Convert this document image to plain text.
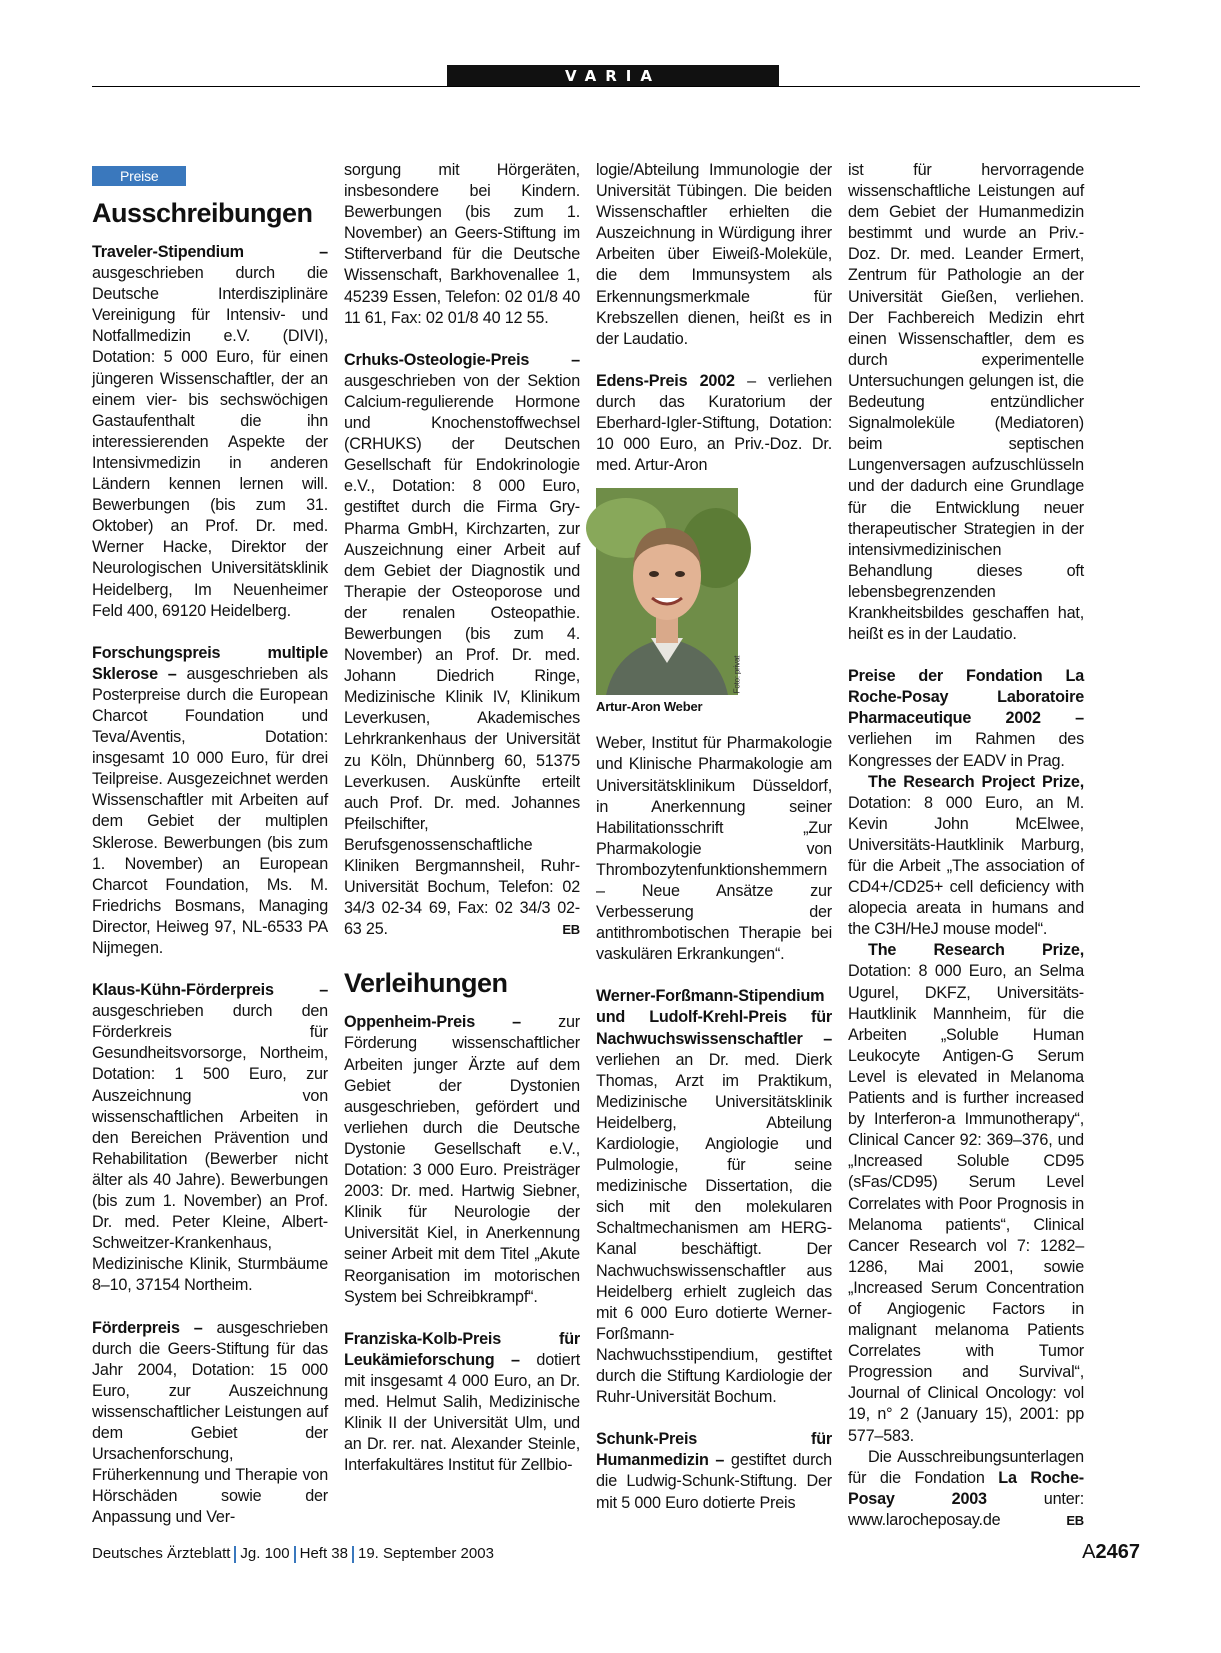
VARIA
Preise
Ausschreibungen

Traveler-Stipendium – ausgeschrieben durch die Deutsche Interdisziplinäre Vereinigung für Intensiv- und Notfallmedizin e.V. (DIVI), Dotation: 5 000 Euro, für einen jüngeren Wissenschaftler, der an einem vier- bis sechswöchigen Gastaufenthalt die ihn interessierenden Aspekte der Intensivmedizin in anderen Ländern kennen lernen will. Bewerbungen (bis zum 31. Oktober) an Prof. Dr. med. Werner Hacke, Direktor der Neurologischen Universitätsklinik Heidelberg, Im Neuenheimer Feld 400, 69120 Heidelberg.

Forschungspreis multiple Sklerose – ausgeschrieben als Posterpreise durch die European Charcot Foundation und Teva/Aventis, Dotation: insgesamt 10 000 Euro, für drei Teilpreise. Ausgezeichnet werden Wissenschaftler mit Arbeiten auf dem Gebiet der multiplen Sklerose. Bewerbungen (bis zum 1. November) an European Charcot Foundation, Ms. M. Friedrichs Bosmans, Managing Director, Heiweg 97, NL-6533 PA Nijmegen.

Klaus-Kühn-Förderpreis – ausgeschrieben durch den Förderkreis für Gesundheitsvorsorge, Northeim, Dotation: 1 500 Euro, zur Auszeichnung von wissenschaftlichen Arbeiten in den Bereichen Prävention und Rehabilitation (Bewerber nicht älter als 40 Jahre). Bewerbungen (bis zum 1. November) an Prof. Dr. med. Peter Kleine, Albert-Schweitzer-Krankenhaus, Medizinische Klinik, Sturmbäume 8–10, 37154 Northeim.

Förderpreis – ausgeschrieben durch die Geers-Stiftung für das Jahr 2004, Dotation: 15 000 Euro, zur Auszeichnung wissenschaftlicher Leistungen auf dem Gebiet der Ursachenforschung, Früherkennung und Therapie von Hörschäden sowie der Anpassung und Ver-

sorgung mit Hörgeräten, insbesondere bei Kindern. Bewerbungen (bis zum 1. November) an Geers-Stiftung im Stifterverband für die Deutsche Wissenschaft, Barkhovenallee 1, 45239 Essen, Telefon: 02 01/8 40 11 61, Fax: 02 01/8 40 12 55.

Crhuks-Osteologie-Preis – ausgeschrieben von der Sektion Calcium-regulierende Hormone und Knochenstoffwechsel (CRHUKS) der Deutschen Gesellschaft für Endokrinologie e.V., Dotation: 8 000 Euro, gestiftet durch die Firma Gry-Pharma GmbH, Kirchzarten, zur Auszeichnung einer Arbeit auf dem Gebiet der Diagnostik und Therapie der Osteoporose und der renalen Osteopathie. Bewerbungen (bis zum 4. November) an Prof. Dr. med. Johann Diedrich Ringe, Medizinische Klinik IV, Klinikum Leverkusen, Akademisches Lehrkrankenhaus der Universität zu Köln, Dhünnberg 60, 51375 Leverkusen. Auskünfte erteilt auch Prof. Dr. med. Johannes Pfeilschifter, Berufsgenossenschaftliche Kliniken Bergmannsheil, Ruhr-Universität Bochum, Telefon: 02 34/3 02-34 69, Fax: 02 34/3 02-63 25.	EB

Verleihungen

Oppenheim-Preis – zur Förderung wissenschaftlicher Arbeiten junger Ärzte auf dem Gebiet der Dystonien ausgeschrieben, gefördert und verliehen durch die Deutsche Dystonie Gesellschaft e.V., Dotation: 3 000 Euro. Preisträger 2003: Dr. med. Hartwig Siebner, Klinik für Neurologie der Universität Kiel, in Anerkennung seiner Arbeit mit dem Titel „Akute Reorganisation im motorischen System bei Schreibkrampf“.

Franziska-Kolb-Preis für Leukämieforschung – dotiert mit insgesamt 4 000 Euro, an Dr. med. Helmut Salih, Medizinische Klinik II der Universität Ulm, und an Dr. rer. nat. Alexander Steinle, Interfakultäres Institut für Zellbio-

logie/Abteilung Immunologie der Universität Tübingen. Die beiden Wissenschaftler erhielten die Auszeichnung in Würdigung ihrer Arbeiten über Eiweiß-Moleküle, die dem Immunsystem als Erkennungsmerkmale für Krebszellen dienen, heißt es in der Laudatio.

Edens-Preis 2002 – verliehen durch das Kuratorium der Eberhard-Igler-Stiftung, Dotation: 10 000 Euro, an Priv.-Doz. Dr. med. Artur-Aron

Foto: privat
Artur-Aron Weber

Weber, Institut für Pharmakologie und Klinische Pharmakologie am Universitätsklinikum Düsseldorf, in Anerkennung seiner Habilitationsschrift „Zur Pharmakologie von Thrombozytenfunktionshemmern – Neue Ansätze zur Verbesserung der antithrombotischen Therapie bei vaskulären Erkrankungen“.

Werner-Forßmann-Stipendium und Ludolf-Krehl-Preis für Nachwuchswissenschaftler – verliehen an Dr. med. Dierk Thomas, Arzt im Praktikum, Medizinische Universitätsklinik Heidelberg, Abteilung Kardiologie, Angiologie und Pulmologie, für seine medizinische Dissertation, die sich mit den molekularen Schaltmechanismen am HERG-Kanal beschäftigt. Der Nachwuchswissenschaftler aus Heidelberg erhielt zugleich das mit 6 000 Euro dotierte Werner-Forßmann-Nachwuchsstipendium, gestiftet durch die Stiftung Kardiologie der Ruhr-Universität Bochum.

Schunk-Preis für Humanmedizin – gestiftet durch die Ludwig-Schunk-Stiftung. Der mit 5 000 Euro dotierte Preis

ist für hervorragende wissenschaftliche Leistungen auf dem Gebiet der Humanmedizin bestimmt und wurde an Priv.-Doz. Dr. med. Leander Ermert, Zentrum für Pathologie an der Universität Gießen, verliehen. Der Fachbereich Medizin ehrt einen Wissenschaftler, dem es durch experimentelle Untersuchungen gelungen ist, die Bedeutung entzündlicher Signalmoleküle (Mediatoren) beim septischen Lungenversagen aufzuschlüsseln und der dadurch eine Grundlage für die Entwicklung neuer therapeutischer Strategien in der intensivmedizinischen Behandlung dieses oft lebensbegrenzenden Krankheitsbildes geschaffen hat, heißt es in der Laudatio.

Preise der Fondation La Roche-Posay Laboratoire Pharmaceutique 2002 – verliehen im Rahmen des Kongresses der EADV in Prag.

The Research Project Prize, Dotation: 8 000 Euro, an M. Kevin John McElwee, Universitäts-Hautklinik Marburg, für die Arbeit „The association of CD4+/CD25+ cell deficiency with alopecia areata in humans and the C3H/HeJ mouse model“.

The Research Prize, Dotation: 8 000 Euro, an Selma Ugurel, DKFZ, Universitäts-Hautklinik Mannheim, für die Arbeiten „Soluble Human Leukocyte Antigen-G Serum Level is elevated in Melanoma Patients and is further increased by Interferon-a Immunotherapy“, Clinical Cancer 92: 369–376, und „Increased Soluble CD95 (sFas/CD95) Serum Level Correlates with Poor Prognosis in Melanoma patients“, Clinical Cancer Research vol 7: 1282–1286, Mai 2001, sowie „Increased Serum Concentration of Angiogenic Factors in malignant melanoma Patients Correlates with Tumor Progression and Survival“, Journal of Clinical Oncology: vol 19, n° 2 (January 15), 2001: pp 577–583.

Die Ausschreibungsunterlagen für die Fondation La Roche-Posay 2003 unter: www.larocheposay.de	EB

Deutsches Ärzteblatt Jg. 100 Heft 38 19. September 2003	A2467
